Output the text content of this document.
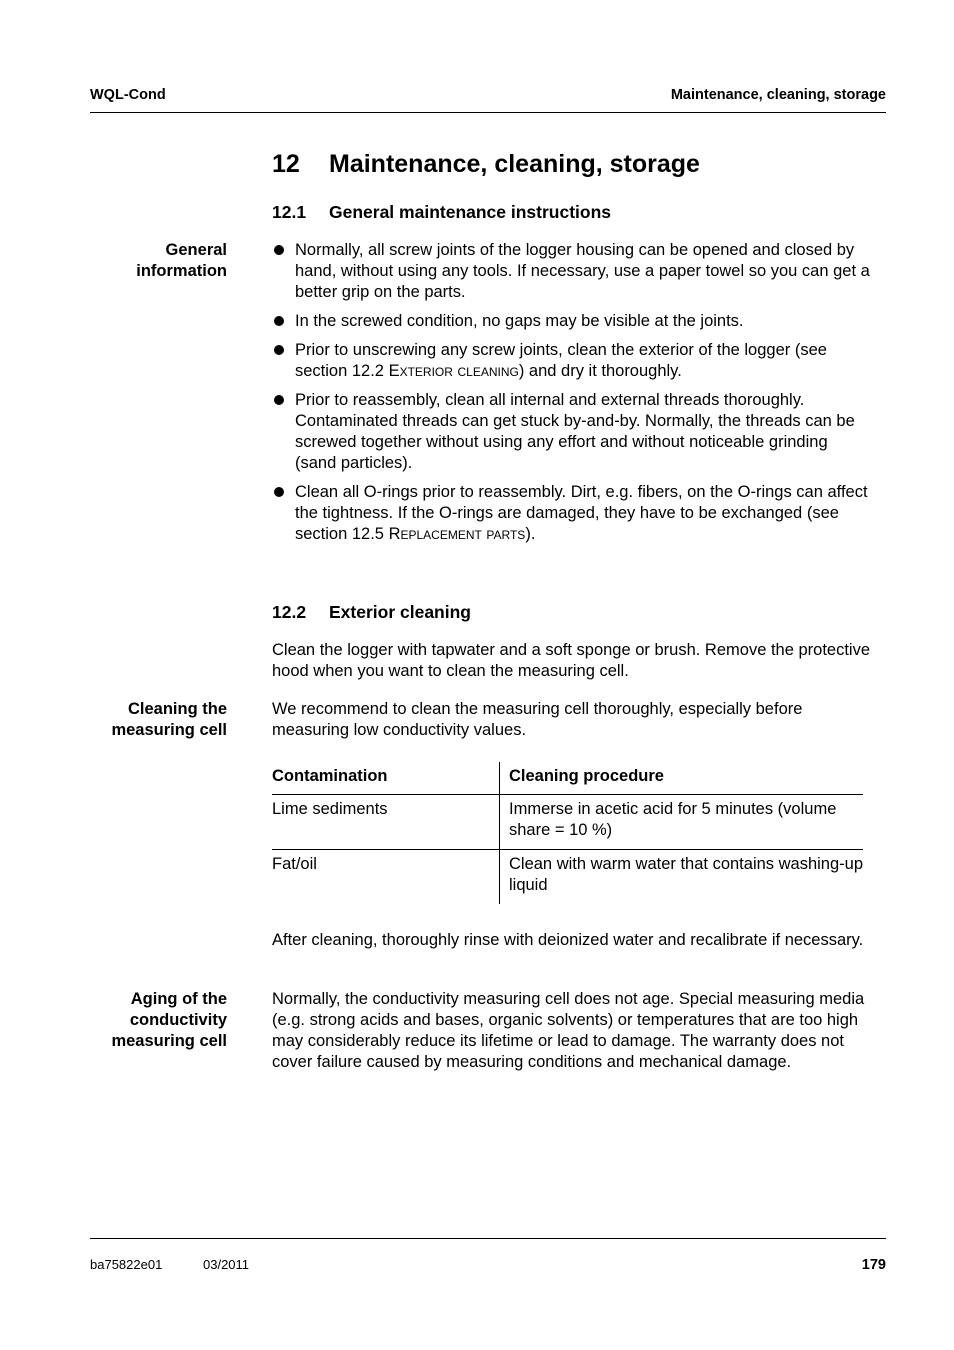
WQL-Cond	Maintenance, cleaning, storage
12 Maintenance, cleaning, storage
12.1 General maintenance instructions
General
information
Normally, all screw joints of the logger housing can be opened and closed by hand, without using any tools. If necessary, use a paper towel so you can get a better grip on the parts.
In the screwed condition, no gaps may be visible at the joints.
Prior to unscrewing any screw joints, clean the exterior of the logger (see section 12.2 Exterior cleaning) and dry it thoroughly.
Prior to reassembly, clean all internal and external threads thoroughly. Contaminated threads can get stuck by-and-by. Normally, the threads can be screwed together without using any effort and without noticeable grinding (sand particles).
Clean all O-rings prior to reassembly. Dirt, e.g. fibers, on the O-rings can affect the tightness. If the O-rings are damaged, they have to be exchanged (see section 12.5 Replacement parts).
12.2 Exterior cleaning
Clean the logger with tapwater and a soft sponge or brush. Remove the protective hood when you want to clean the measuring cell.
Cleaning the
measuring cell
We recommend to clean the measuring cell thoroughly, especially before measuring low conductivity values.
Contamination	Cleaning procedure
Lime sediments	Immerse in acetic acid for 5 minutes (volume share = 10 %)
Fat/oil	Clean with warm water that contains washing-up liquid
After cleaning, thoroughly rinse with deionized water and recalibrate if necessary.
Aging of the
conductivity
measuring cell
Normally, the conductivity measuring cell does not age. Special measuring media (e.g. strong acids and bases, organic solvents) or temperatures that are too high may considerably reduce its lifetime or lead to damage. The warranty does not cover failure caused by measuring conditions and mechanical damage.
ba75822e01	03/2011	179
